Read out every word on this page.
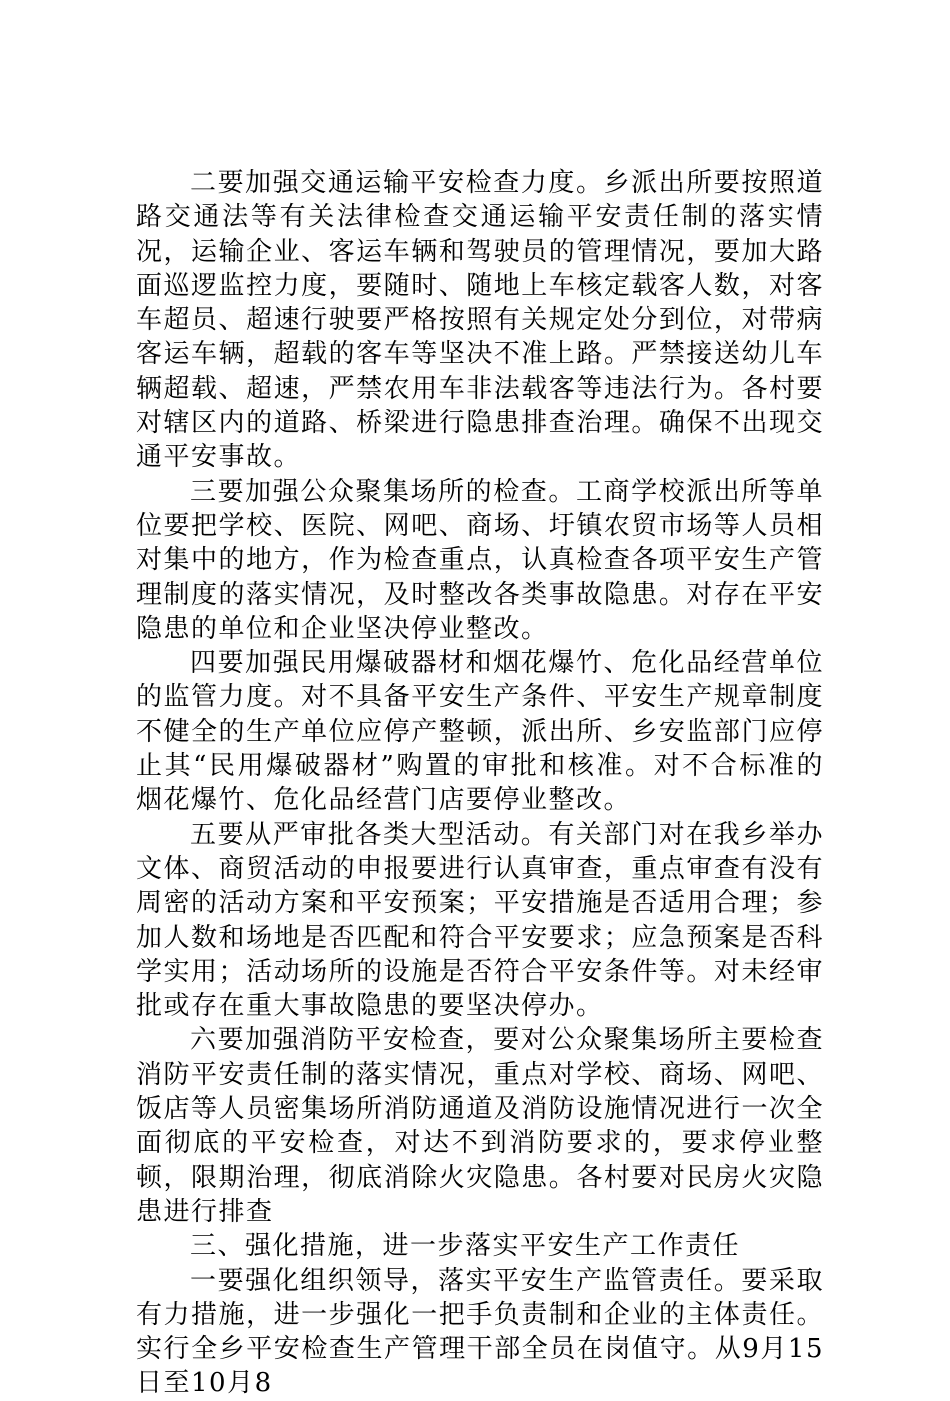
二要加强交通运输平安检查力度。乡派出所要按照道路交通法等有关法律检查交通运输平安责任制的落实情况，运输企业、客运车辆和驾驶员的管理情况，要加大路面巡逻监控力度，要随时、随地上车核定载客人数，对客车超员、超速行驶要严格按照有关规定处分到位，对带病客运车辆，超载的客车等坚决不准上路。严禁接送幼儿车辆超载、超速，严禁农用车非法载客等违法行为。各村要对辖区内的道路、桥梁进行隐患排查治理。确保不出现交通平安事故。

三要加强公众聚集场所的检查。工商学校派出所等单位要把学校、医院、网吧、商场、圩镇农贸市场等人员相对集中的地方，作为检查重点，认真检查各项平安生产管理制度的落实情况，及时整改各类事故隐患。对存在平安隐患的单位和企业坚决停业整改。

四要加强民用爆破器材和烟花爆竹、危化品经营单位的监管力度。对不具备平安生产条件、平安生产规章制度不健全的生产单位应停产整顿，派出所、乡安监部门应停止其“民用爆破器材”购置的审批和核准。对不合标准的烟花爆竹、危化品经营门店要停业整改。

五要从严审批各类大型活动。有关部门对在我乡举办文体、商贸活动的申报要进行认真审查，重点审查有没有周密的活动方案和平安预案；平安措施是否适用合理；参加人数和场地是否匹配和符合平安要求；应急预案是否科学实用；活动场所的设施是否符合平安条件等。对未经审批或存在重大事故隐患的要坚决停办。

六要加强消防平安检查，要对公众聚集场所主要检查消防平安责任制的落实情况，重点对学校、商场、网吧、饭店等人员密集场所消防通道及消防设施情况进行一次全面彻底的平安检查，对达不到消防要求的，要求停业整顿，限期治理，彻底消除火灾隐患。各村要对民房火灾隐患进行排查

三、强化措施，进一步落实平安生产工作责任

一要强化组织领导，落实平安生产监管责任。要采取有力措施，进一步强化一把手负责制和企业的主体责任。实行全乡平安检查生产管理干部全员在岗值守。从9月15日至10月8
